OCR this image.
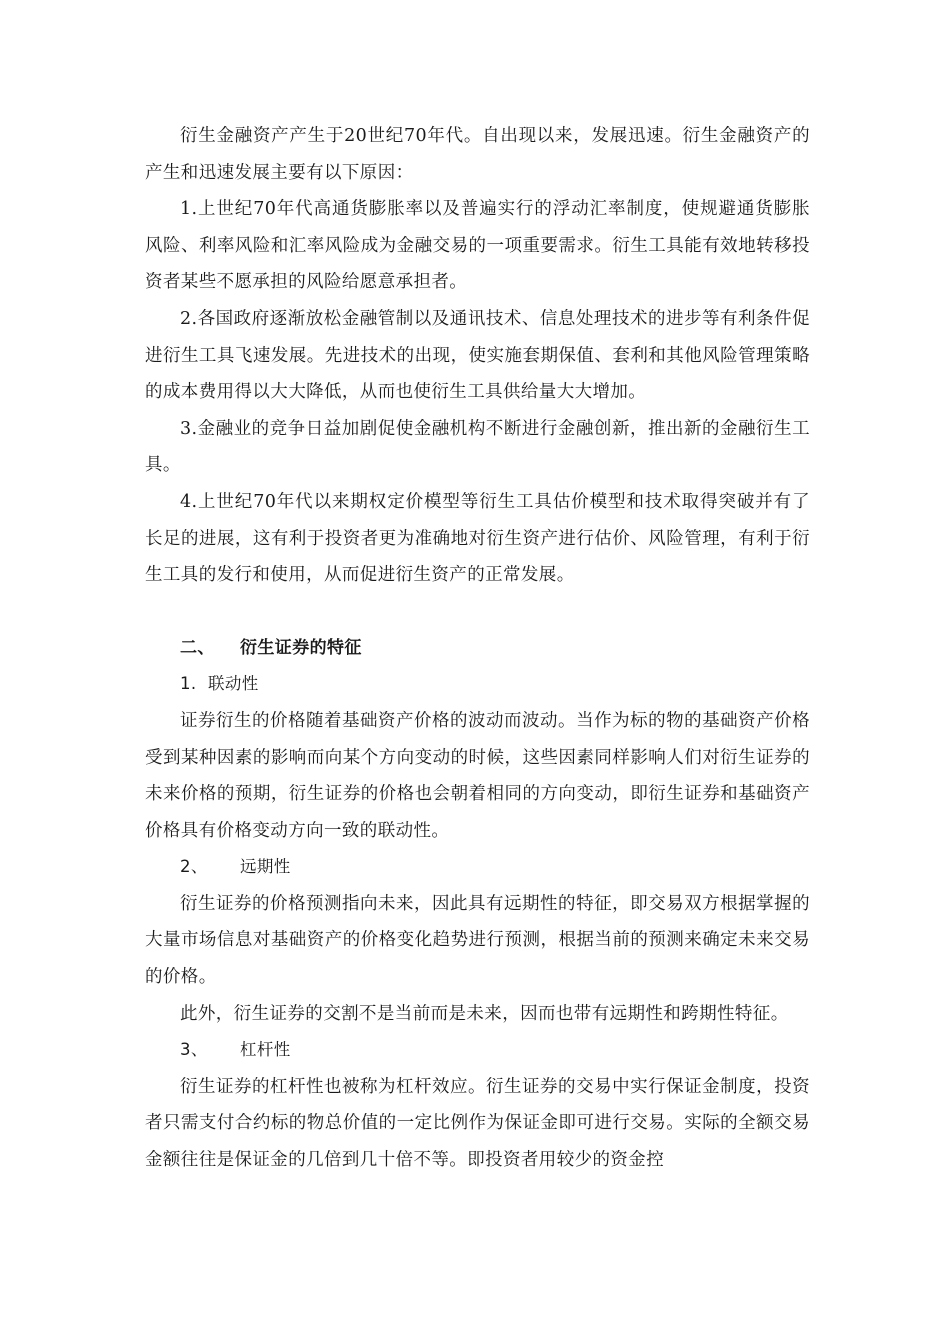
衍生金融资产产生于20世纪70年代。自出现以来，发展迅速。衍生金融资产的产生和迅速发展主要有以下原因：

1.上世纪70年代高通货膨胀率以及普遍实行的浮动汇率制度，使规避通货膨胀风险、利率风险和汇率风险成为金融交易的一项重要需求。衍生工具能有效地转移投资者某些不愿承担的风险给愿意承担者。

2.各国政府逐渐放松金融管制以及通讯技术、信息处理技术的进步等有利条件促进衍生工具飞速发展。先进技术的出现，使实施套期保值、套利和其他风险管理策略的成本费用得以大大降低，从而也使衍生工具供给量大大增加。

3.金融业的竞争日益加剧促使金融机构不断进行金融创新，推出新的金融衍生工具。

4.上世纪70年代以来期权定价模型等衍生工具估价模型和技术取得突破并有了长足的进展，这有利于投资者更为准确地对衍生资产进行估价、风险管理，有利于衍生工具的发行和使用，从而促进衍生资产的正常发展。

二、 衍生证券的特征
1. 联动性

证券衍生的价格随着基础资产价格的波动而波动。当作为标的物的基础资产价格受到某种因素的影响而向某个方向变动的时候，这些因素同样影响人们对衍生证券的未来价格的预期，衍生证券的价格也会朝着相同的方向变动，即衍生证券和基础资产价格具有价格变动方向一致的联动性。

2、 远期性

衍生证券的价格预测指向未来，因此具有远期性的特征，即交易双方根据掌握的大量市场信息对基础资产的价格变化趋势进行预测，根据当前的预测来确定未来交易的价格。

此外，衍生证券的交割不是当前而是未来，因而也带有远期性和跨期性特征。

3、 杠杆性

衍生证券的杠杆性也被称为杠杆效应。衍生证券的交易中实行保证金制度，投资者只需支付合约标的物总价值的一定比例作为保证金即可进行交易。实际的全额交易金额往往是保证金的几倍到几十倍不等。即投资者用较少的资金控
